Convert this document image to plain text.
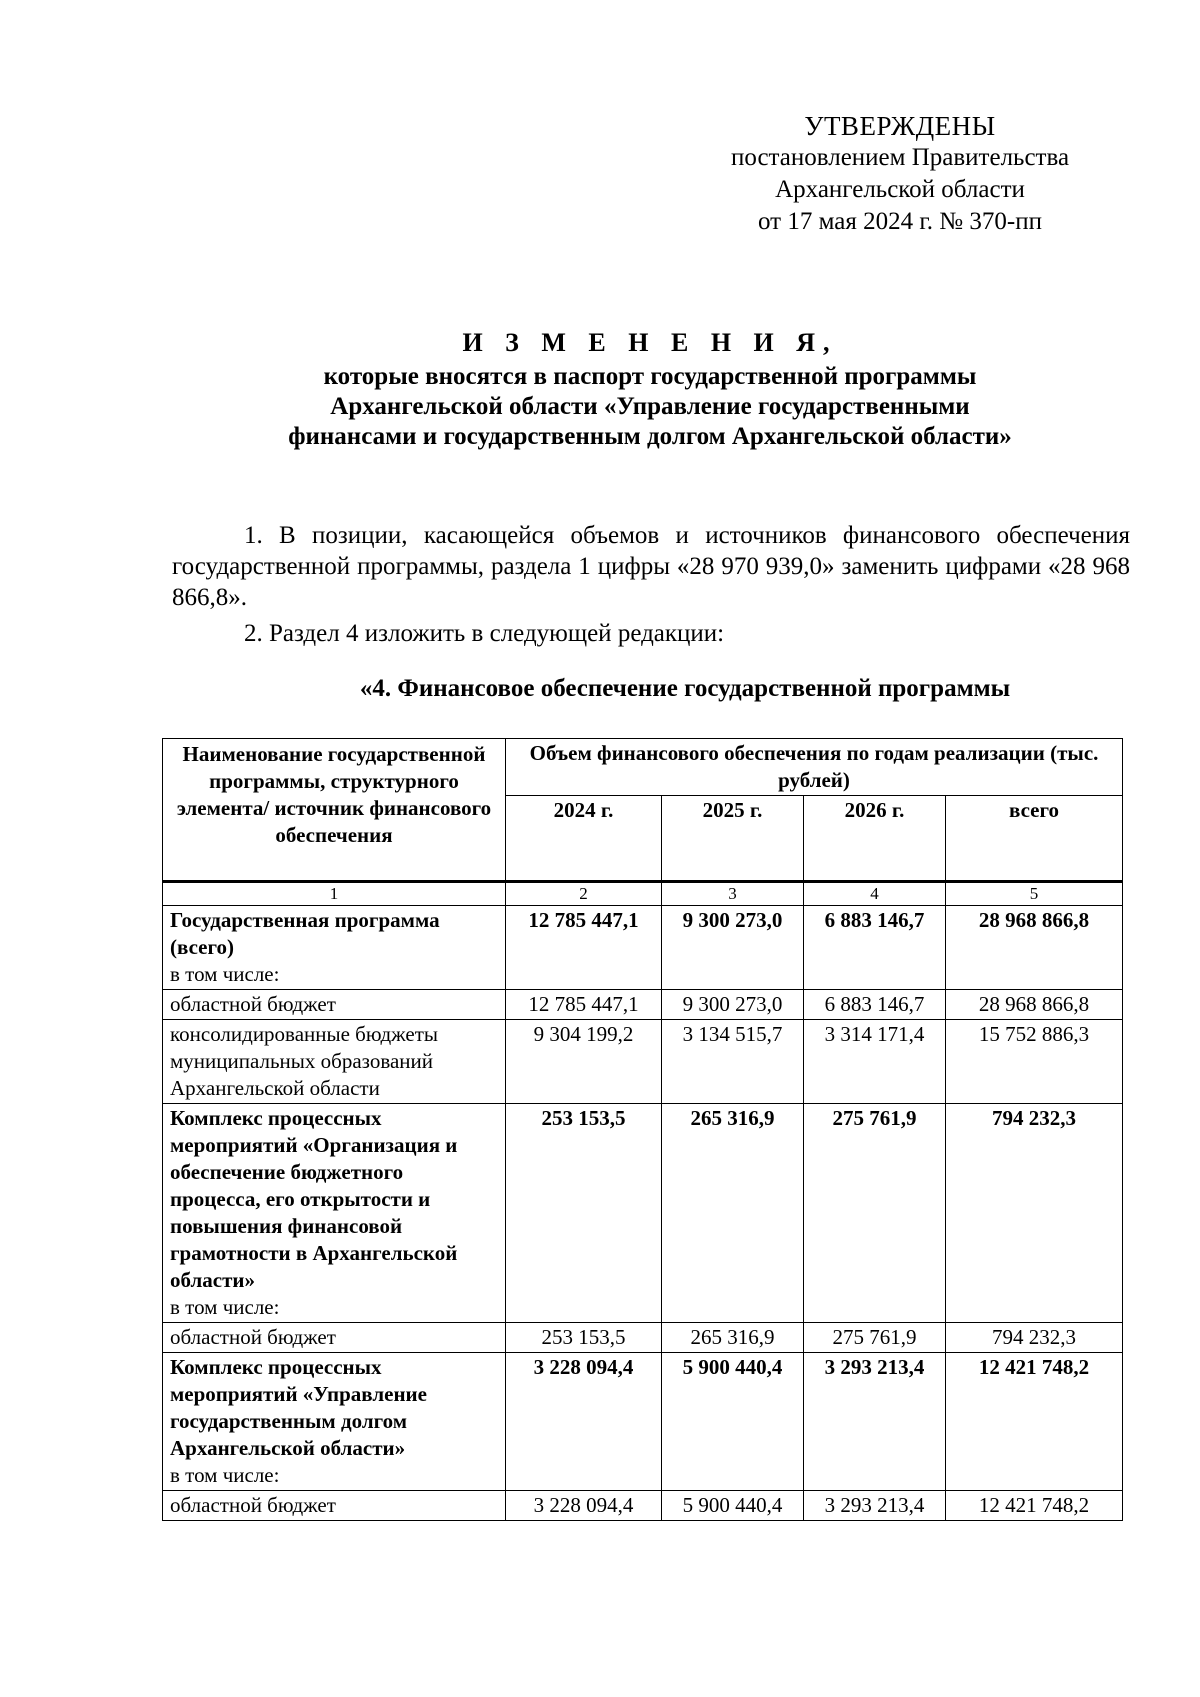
УТВЕРЖДЕНЫ
постановлением Правительства
Архангельской области
от 17 мая 2024 г. № 370-пп
И З М Е Н Е Н И Я,
которые вносятся в паспорт государственной программы
Архангельской области «Управление государственными
финансами и государственным долгом Архангельской области»
1. В позиции, касающейся объемов и источников финансового обеспечения государственной программы, раздела 1 цифры «28 970 939,0» заменить цифрами «28 968 866,8».
2. Раздел 4 изложить в следующей редакции:
«4. Финансовое обеспечение государственной программы
Наименование государственной программы, структурного элемента/ источник финансового обеспечения	Объем финансового обеспечения по годам реализации (тыс. рублей)			
	2024 г.	2025 г.	2026 г.	всего
1	2	3	4	5
Государственная программа (всего)
в том числе:	12 785 447,1	9 300 273,0	6 883 146,7	28 968 866,8
областной бюджет	12 785 447,1	9 300 273,0	6 883 146,7	28 968 866,8
консолидированные бюджеты муниципальных образований Архангельской области	9 304 199,2	3 134 515,7	3 314 171,4	15 752 886,3
Комплекс процессных мероприятий «Организация и обеспечение бюджетного процесса, его открытости и повышения финансовой грамотности в Архангельской области»
в том числе:	253 153,5	265 316,9	275 761,9	794 232,3
областной бюджет	253 153,5	265 316,9	275 761,9	794 232,3
Комплекс процессных мероприятий «Управление государственным долгом Архангельской области»
в том числе:	3 228 094,4	5 900 440,4	3 293 213,4	12 421 748,2
областной бюджет	3 228 094,4	5 900 440,4	3 293 213,4	12 421 748,2
